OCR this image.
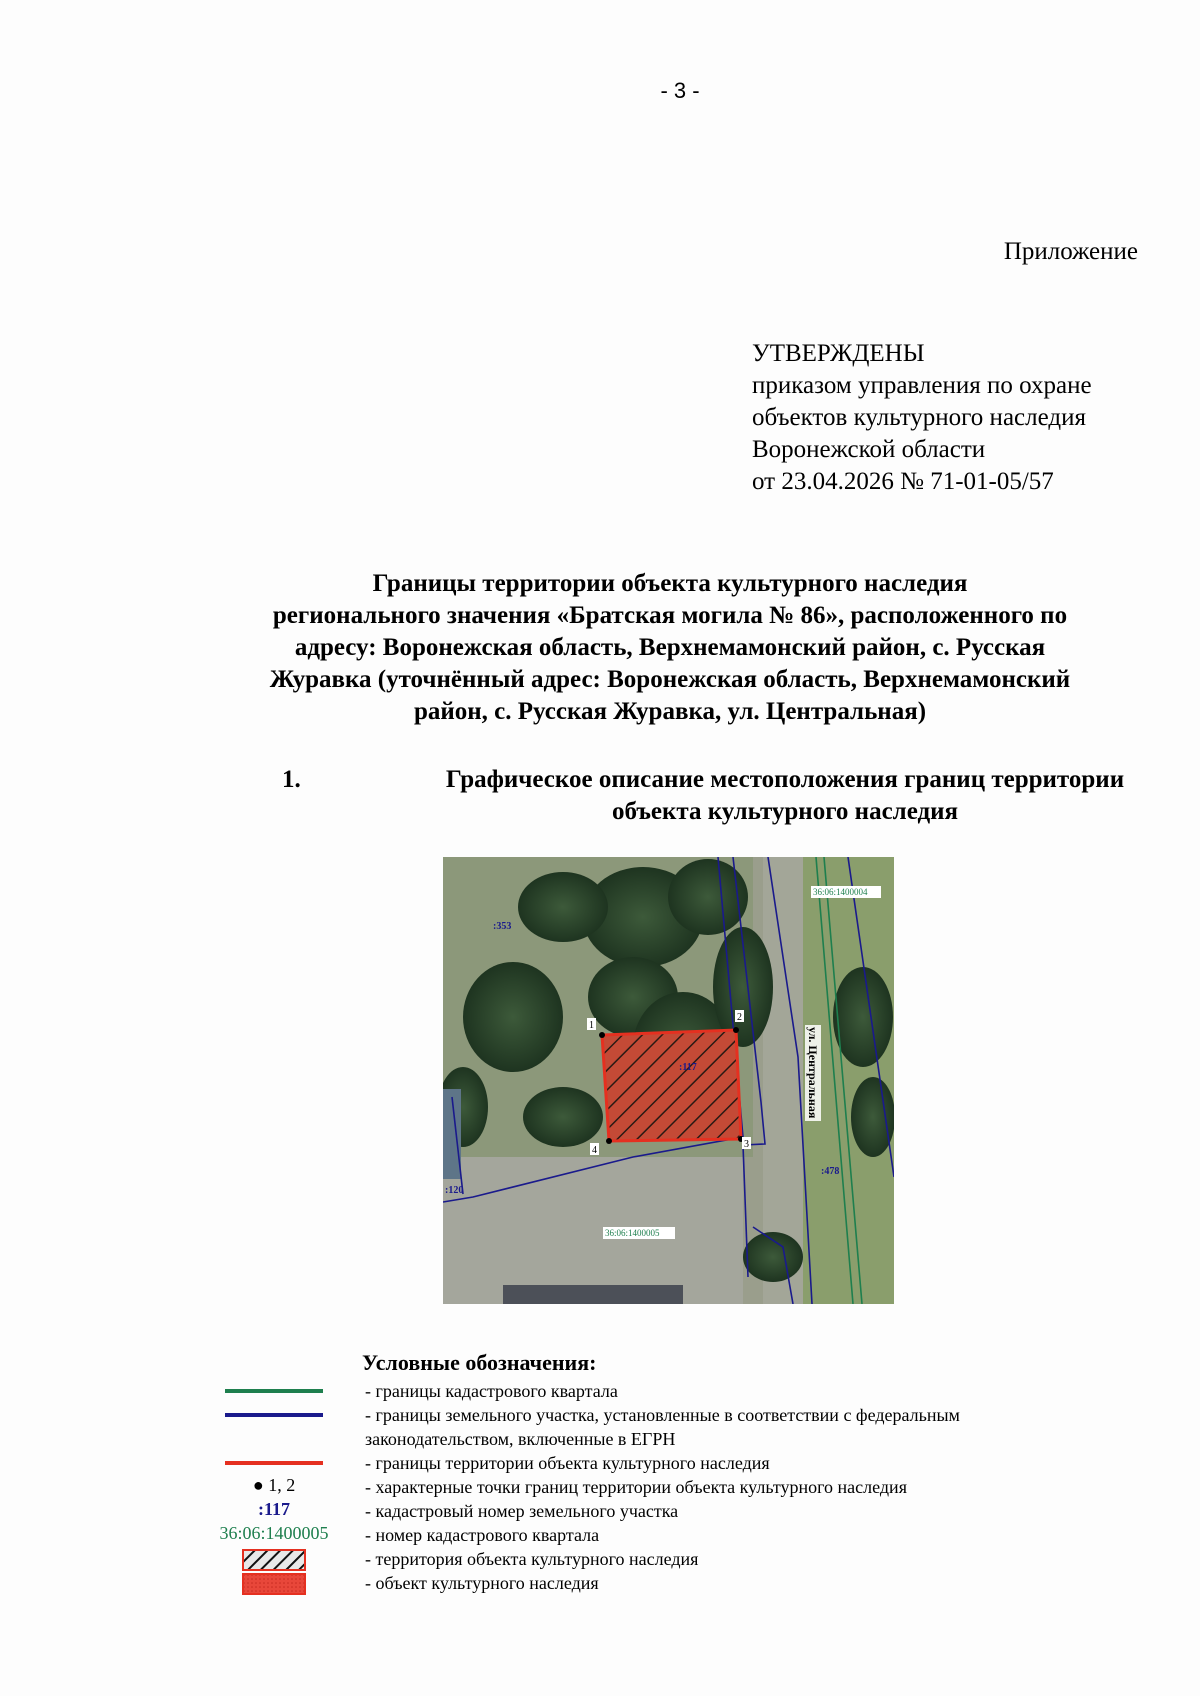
- 3 -
Приложение
УТВЕРЖДЕНЫ
приказом управления по охране
объектов культурного наследия
Воронежской области
от 23.04.2026 № 71-01-05/57
Границы территории объекта культурного наследия
регионального значения «Братская могила № 86», расположенного по
адресу: Воронежская область, Верхнемамонский район, с. Русская
Журавка (уточнённый адрес: Воронежская область, Верхнемамонский
район, с. Русская Журавка, ул. Центральная)
1.	Графическое описание местоположения границ территории
объекта культурного наследия
1
2
3
4
:353
:117
:478
:120
36:06:1400004
36:06:1400005
ул. Центральная
Условные обозначения:
- границы кадастрового квартала
- границы земельного участка, установленные в соответствии с федеральным
законодательством, включенные в ЕГРН
- границы территории объекта культурного наследия
● 1, 2	- характерные точки границ территории объекта культурного наследия
:117	- кадастровый номер земельного участка
36:06:1400005	- номер кадастрового квартала
- территория объекта культурного наследия
- объект культурного наследия
